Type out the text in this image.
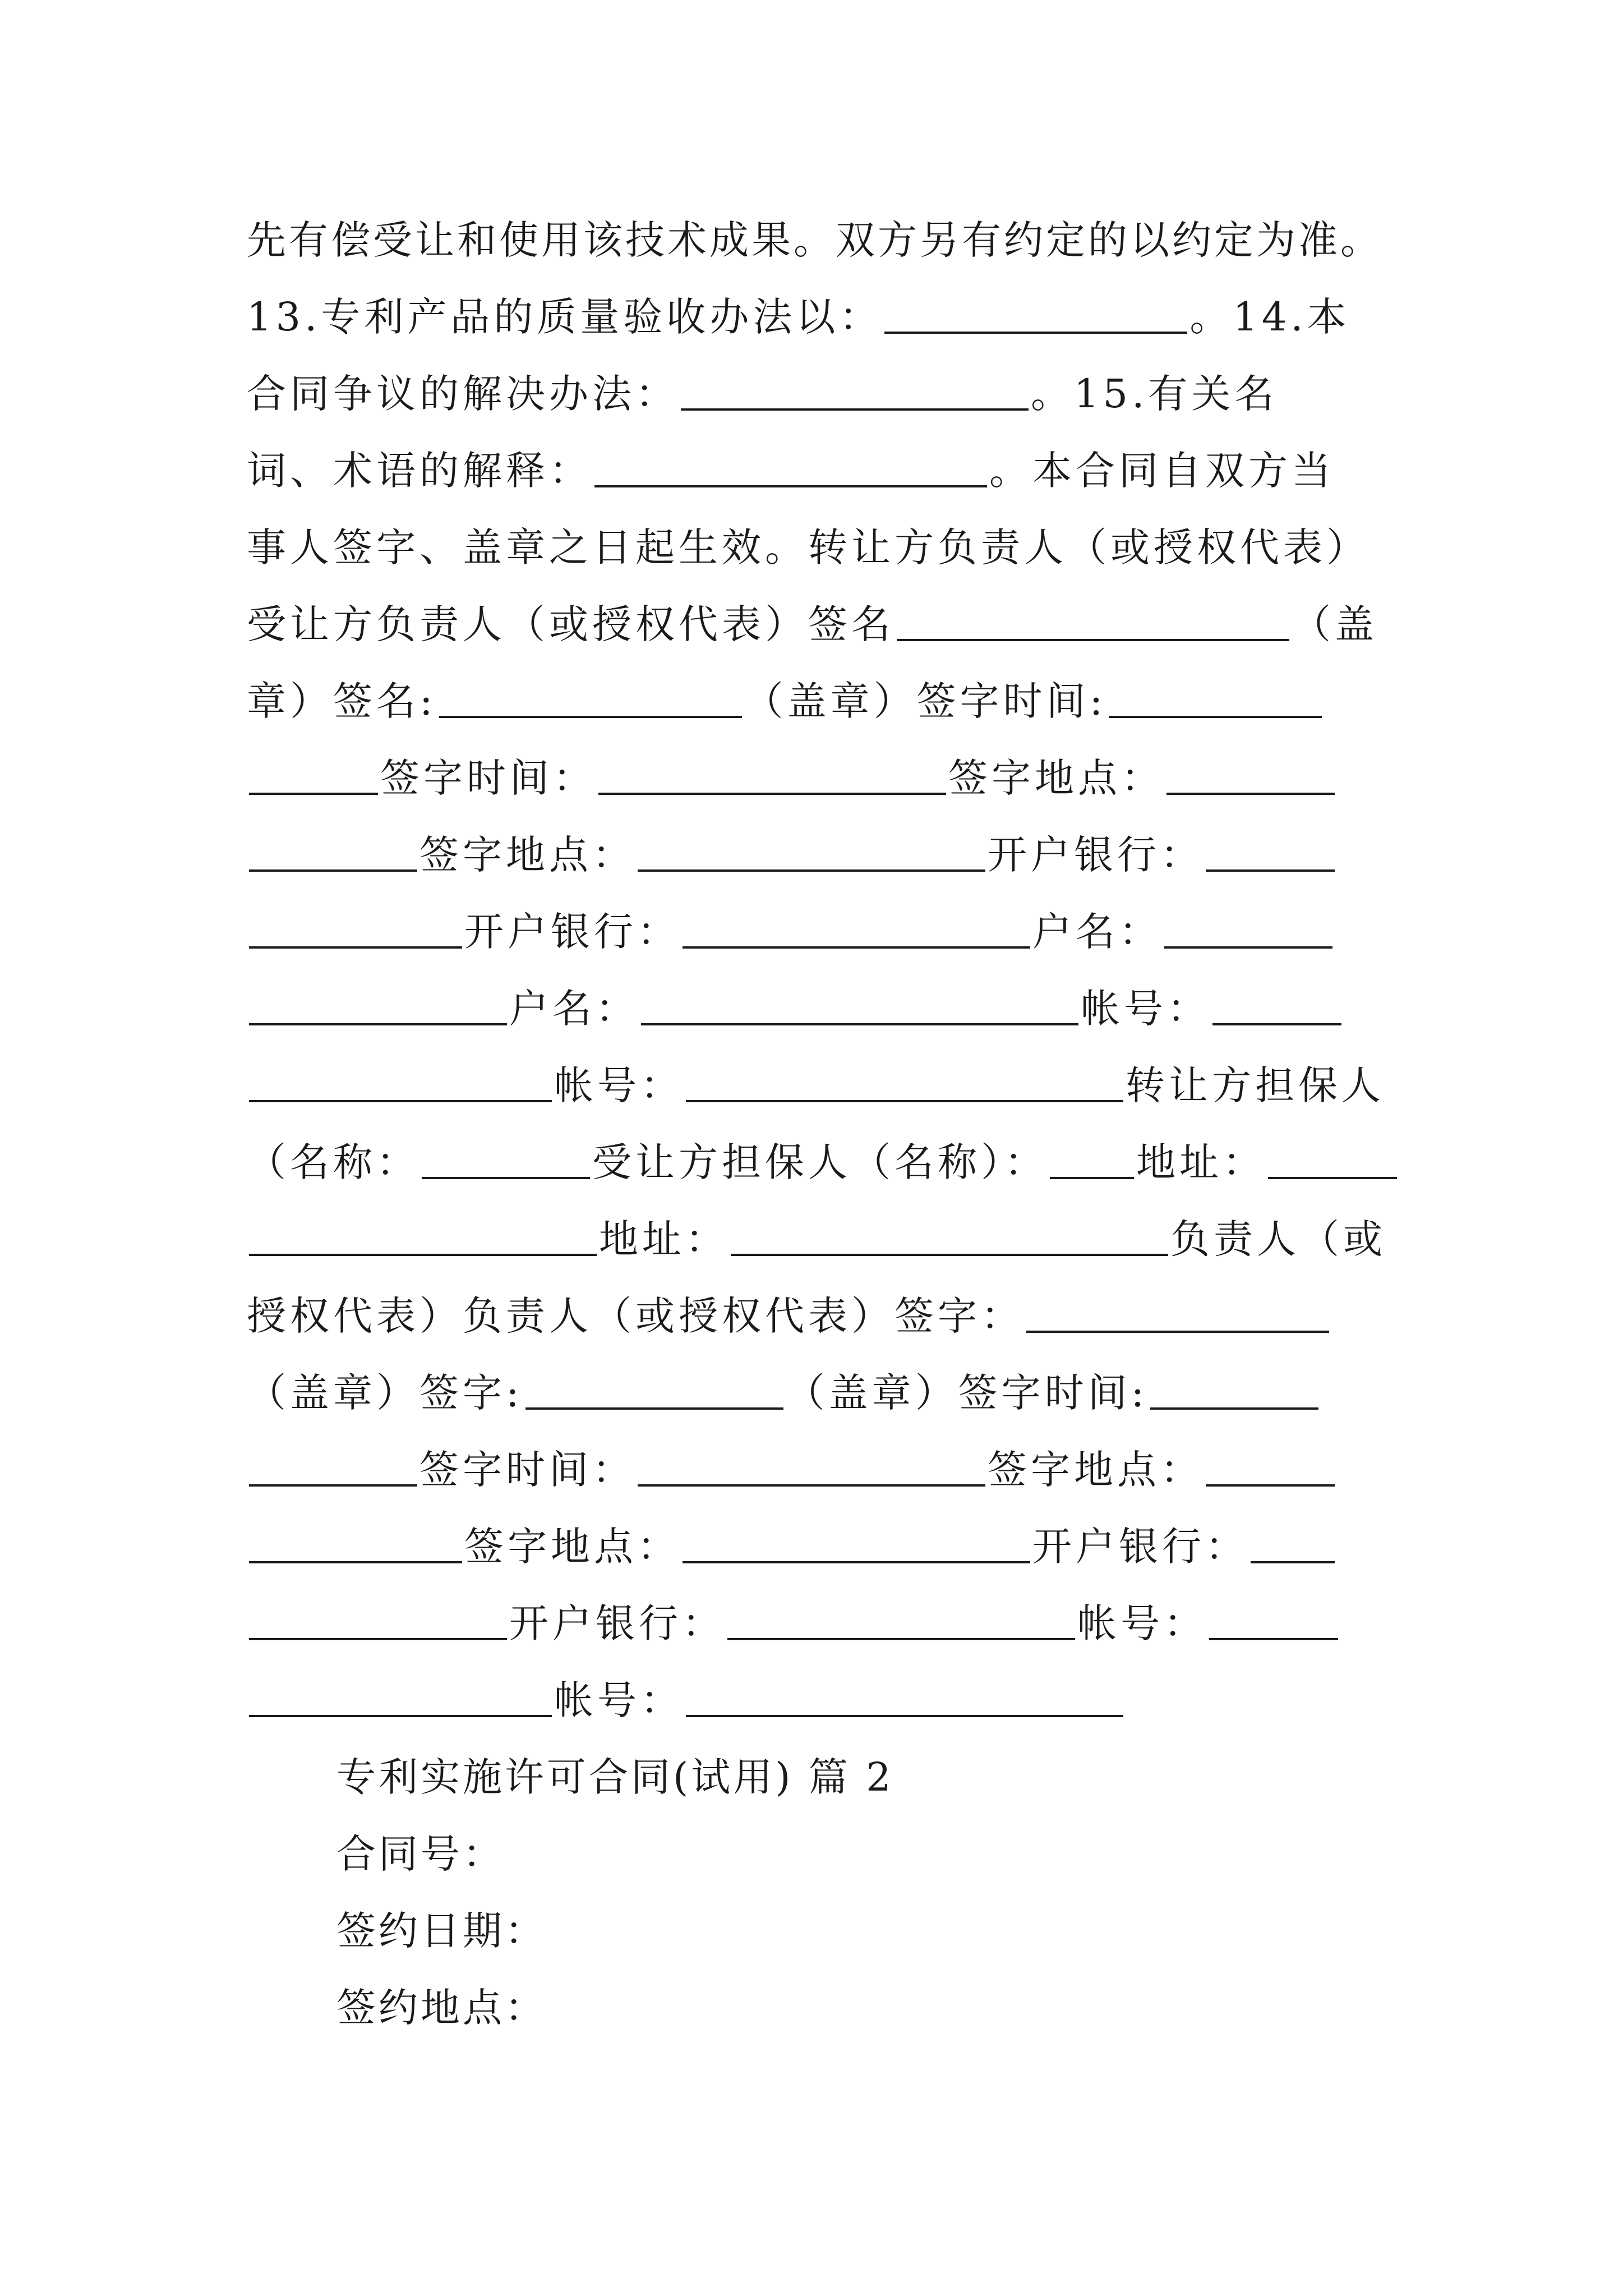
先有偿受让和使用该技术成果。双方另有约定的以约定为准。
13.专利产品的质量验收办法以：	。14.本
合同争议的解决办法：	。15.有关名
词、术语的解释：	。本合同自双方当
事人签字、盖章之日起生效。转让方负责人（或授权代表）
受让方负责人（或授权代表）签名	（盖
章）签名:	（盖章）签字时间:
签字时间：	签字地点：
签字地点：	开户银行：
开户银行：	户名：
户名：	帐号：
帐号：	转让方担保人
（名称：	受让方担保人（名称）： 地址：
地址：	负责人（或
授权代表）负责人（或授权代表）签字：
（盖章）签字:	（盖章）签字时间:
签字时间：	签字地点：
签字地点：	开户银行：
开户银行：	帐号：
帐号：
专利实施许可合同(试用) 篇 2
合同号：
签约日期：
签约地点：
